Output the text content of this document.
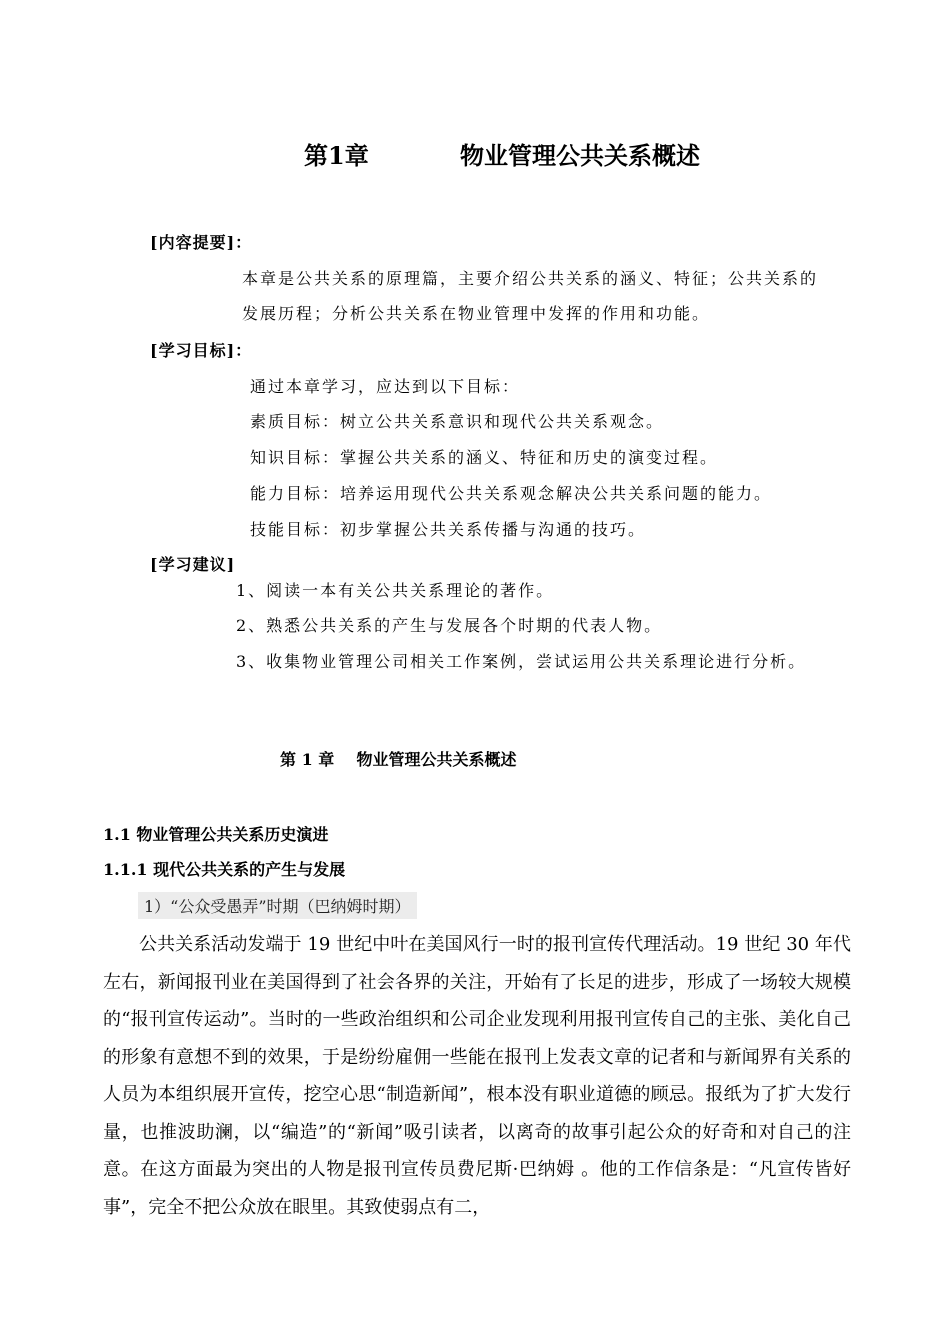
第1章	物业管理公共关系概述
[内容提要]：
本章是公共关系的原理篇，主要介绍公共关系的涵义、特征；公共关系的
发展历程；分析公共关系在物业管理中发挥的作用和功能。
[学习目标]：
通过本章学习，应达到以下目标：
素质目标：树立公共关系意识和现代公共关系观念。
知识目标：掌握公共关系的涵义、特征和历史的演变过程。
能力目标：培养运用现代公共关系观念解决公共关系问题的能力。
技能目标：初步掌握公共关系传播与沟通的技巧。
[学习建议]
1、阅读一本有关公共关系理论的著作。
2、熟悉公共关系的产生与发展各个时期的代表人物。
3、收集物业管理公司相关工作案例，尝试运用公共关系理论进行分析。
第 1 章    物业管理公共关系概述
1.1 物业管理公共关系历史演进
1.1.1 现代公共关系的产生与发展
1）“公众受愚弄”时期（巴纳姆时期）

公共关系活动发端于 19 世纪中叶在美国风行一时的报刊宣传代理活动。19 世纪 30 年代左右，新闻报刊业在美国得到了社会各界的关注，开始有了长足的进步，形成了一场较大规模的“报刊宣传运动”。当时的一些政治组织和公司企业发现利用报刊宣传自己的主张、美化自己的形象有意想不到的效果，于是纷纷雇佣一些能在报刊上发表文章的记者和与新闻界有关系的人员为本组织展开宣传，挖空心思“制造新闻”，根本没有职业道德的顾忌。报纸为了扩大发行量，也推波助澜，以“编造”的“新闻”吸引读者，以离奇的故事引起公众的好奇和对自己的注意。在这方面最为突出的人物是报刊宣传员费尼斯·巴纳姆 。他的工作信条是：“凡宣传皆好事”，完全不把公众放在眼里。其致使弱点有二，
